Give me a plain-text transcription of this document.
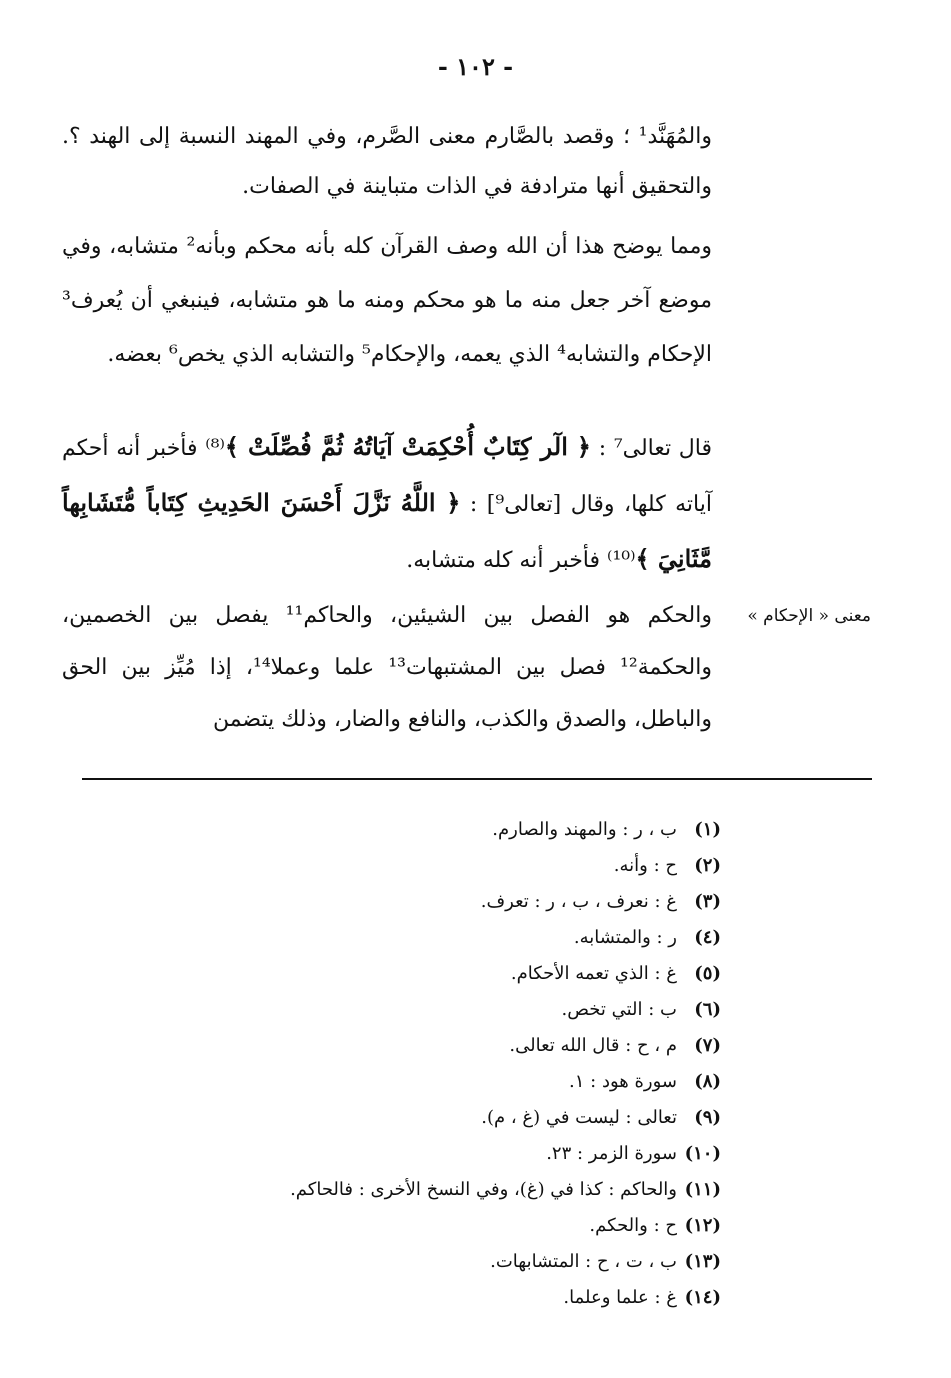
- ١٠٢ -

والمُهَنَّد¹ ؛ وقصد بالصَّارم معنى الصَّرم، وفي المهند النسبة إلى الهند ؟. والتحقيق أنها مترادفة في الذات متباينة في الصفات.

ومما يوضح هذا أن الله وصف القرآن كله بأنه محكم وبأنه² متشابه، وفي موضع آخر جعل منه ما هو محكم ومنه ما هو متشابه، فينبغي أن يُعرف³ الإحكام والتشابه⁴ الذي يعمه، والإحكام⁵ والتشابه الذي يخص⁶ بعضه.

قال تعالى⁷ : ﴿ الٓر كِتَابٌ أُحْكِمَتْ آيَاتُهُ ثُمَّ فُصِّلَتْ ﴾⁽⁸⁾ فأخبر أنه أحكم آياته كلها، وقال [تعالى⁹] : ﴿ اللَّهُ نَزَّلَ أَحْسَنَ الحَدِيثِ كِتَاباً مُّتَشَابِهاً مَّثَانِيَ ﴾⁽¹⁰⁾ فأخبر أنه كله متشابه.

معنى « الإحكام »

والحكم هو الفصل بين الشيئين، والحاكم¹¹ يفصل بين الخصمين، والحكمة¹² فصل بين المشتبهات¹³ علما وعملا¹⁴، إذا مُيِّز بين الحق والباطل، والصدق والكذب، والنافع والضار، وذلك يتضمن

(١)ب ، ر : والمهند والصارم.
(٢)ح : وأنه.
(٣)غ : نعرف ، ب ، ر : تعرف.
(٤)ر : والمتشابه.
(٥)غ : الذي تعمه الأحكام.
(٦)ب : التي تخص.
(٧)م ، ح : قال الله تعالى.
(٨)سورة هود : ١.
(٩)تعالى : ليست في (غ ، م).
(١٠)سورة الزمر : ٢٣.
(١١)والحاكم : كذا في (غ)، وفي النسخ الأخرى : فالحاكم.
(١٢)ح : والحكم.
(١٣)ب ، ت ، ح : المتشابهات.
(١٤)غ : علما وعلما.
